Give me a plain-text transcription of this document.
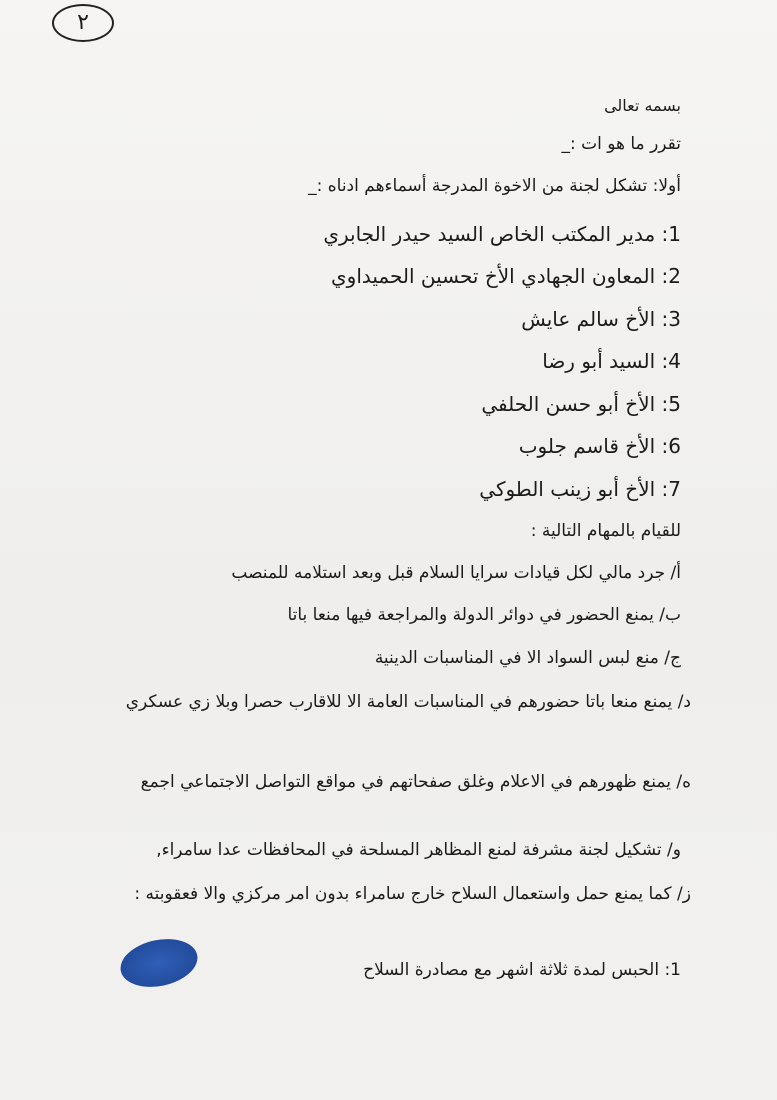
٢
بسمه تعالى
تقرر ما هو ات :_
أولا: تشكل لجنة من الاخوة المدرجة أسماءهم ادناه :_
1: مدير المكتب الخاص السيد حيدر الجابري
2: المعاون الجهادي الأخ تحسين الحميداوي
3: الأخ سالم عايش
4: السيد أبو رضا
5: الأخ أبو حسن الحلفي
6: الأخ قاسم جلوب
7: الأخ أبو زينب الطوكي
للقيام بالمهام التالية :
أ/ جرد مالي لكل قيادات سرايا السلام قبل وبعد استلامه للمنصب
ب/ يمنع الحضور في دوائر الدولة والمراجعة فيها منعا باتا
ج/ منع لبس السواد الا في المناسبات الدينية
د/ يمنع منعا باتا حضورهم في المناسبات العامة الا للاقارب حصرا وبلا زي عسكري
ه/ يمنع ظهورهم في الاعلام وغلق صفحاتهم في مواقع التواصل الاجتماعي اجمع
و/ تشكيل لجنة مشرفة لمنع المظاهر المسلحة في المحافظات عدا سامراء,
ز/ كما يمنع حمل واستعمال السلاح خارج سامراء بدون امر مركزي والا فعقوبته :
1: الحبس لمدة ثلاثة اشهر مع مصادرة السلاح
